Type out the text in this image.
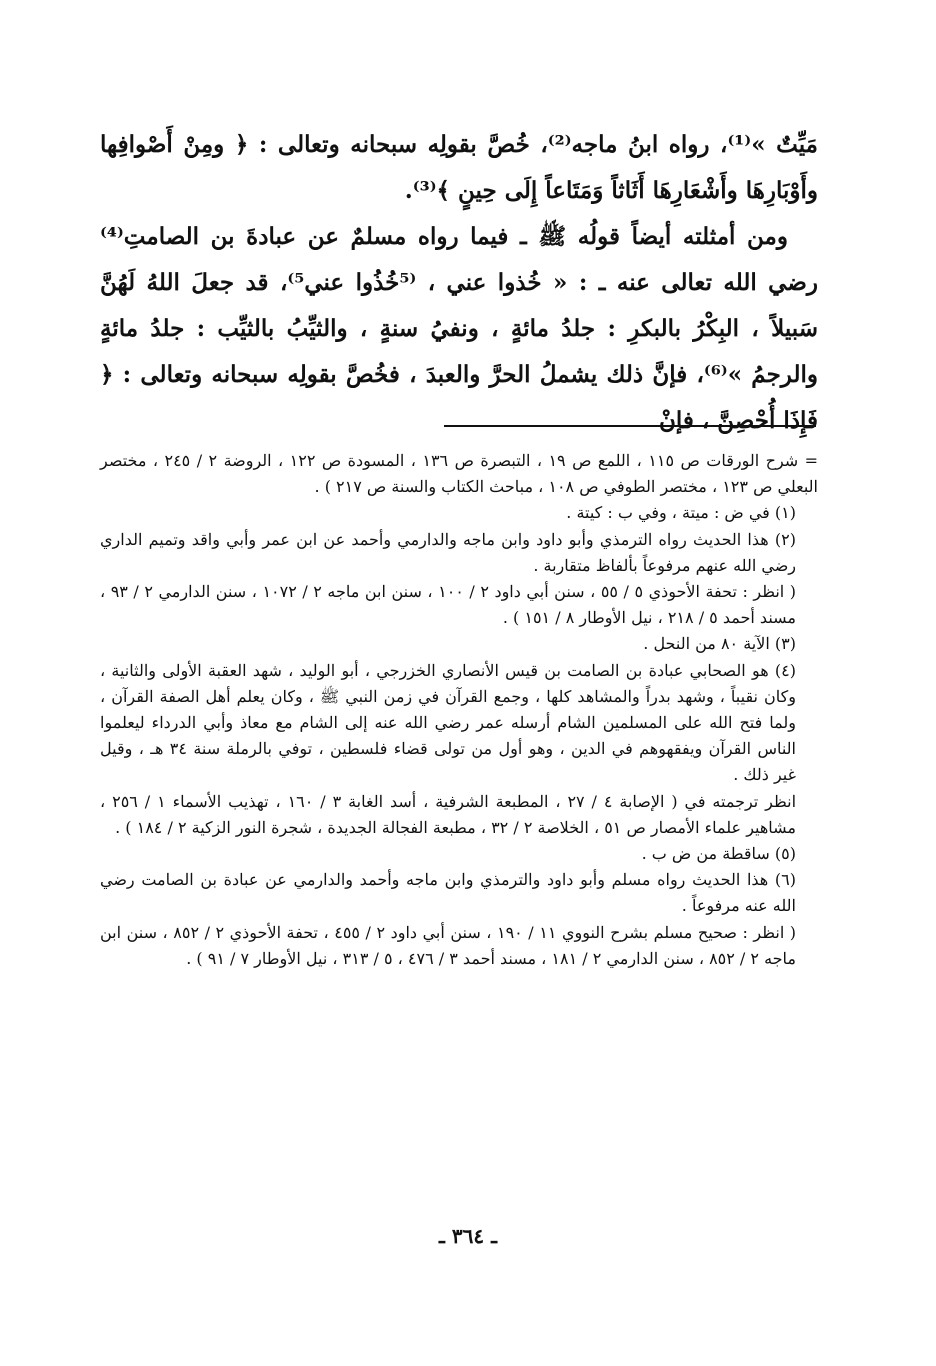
مَيِّتٌ »⁽¹⁾، رواه ابنُ ماجه⁽²⁾، خُصَّ بقولِه سبحانه وتعالى : ﴿ ومِنْ أَصْوافِها وأَوْبَارِهَا وأَشْعَارِهَا أَثَاثاً وَمَتَاعاً إِلَى حِينٍ ﴾⁽³⁾.

ومن أمثلته أيضاً قولُه ﷺ ـ فيما رواه مسلمٌ عن عبادةَ بن الصامتِ⁽⁴⁾ رضي الله تعالى عنه ـ : « خُذوا عني ، ⁽⁵خُذُوا عني⁵⁾، قد جعلَ اللهُ لَهُنَّ سَبيلاً ، البِكْرُ بالبكرِ : جلدُ مائةٍ ، ونفيُ سنةٍ ، والثيِّبُ بالثيِّب : جلدُ مائةٍ والرجمُ »⁽⁶⁾، فإنَّ ذلك يشملُ الحرَّ والعبدَ ، فخُصَّ بقولِه سبحانه وتعالى : ﴿ فَإِذَا أُحْصِنَّ ، فإنْ

= شرح الورقات ص ١١٥ ، اللمع ص ١٩ ، التبصرة ص ١٣٦ ، المسودة ص ١٢٢ ، الروضة ٢ / ٢٤٥ ، مختصر البعلي ص ١٢٣ ، مختصر الطوفي ص ١٠٨ ، مباحث الكتاب والسنة ص ٢١٧ ) .

(١) في ض : ميتة ، وفي ب : كيتة .

(٢) هذا الحديث رواه الترمذي وأبو داود وابن ماجه والدارمي وأحمد عن ابن عمر وأبي واقد وتميم الداري رضي الله عنهم مرفوعاً بألفاظ متقاربة .

( انظر : تحفة الأحوذي ٥ / ٥٥ ، سنن أبي داود ٢ / ١٠٠ ، سنن ابن ماجه ٢ / ١٠٧٢ ، سنن الدارمي ٢ / ٩٣ ، مسند أحمد ٥ / ٢١٨ ، نيل الأوطار ٨ / ١٥١ ) .

(٣) الآية ٨٠ من النحل .

(٤) هو الصحابي عبادة بن الصامت بن قيس الأنصاري الخزرجي ، أبو الوليد ، شهد العقبة الأولى والثانية ، وكان نقيباً ، وشهد بدراً والمشاهد كلها ، وجمع القرآن في زمن النبي ﷺ ، وكان يعلم أهل الصفة القرآن ، ولما فتح الله على المسلمين الشام أرسله عمر رضي الله عنه إلى الشام مع معاذ وأبي الدرداء ليعلموا الناس القرآن ويفقهوهم في الدين ، وهو أول من تولى قضاء فلسطين ، توفي بالرملة سنة ٣٤ هـ ، وقيل غير ذلك .

انظر ترجمته في ( الإصابة ٤ / ٢٧ ، المطبعة الشرفية ، أسد الغابة ٣ / ١٦٠ ، تهذيب الأسماء ١ / ٢٥٦ ، مشاهير علماء الأمصار ص ٥١ ، الخلاصة ٢ / ٣٢ ، مطبعة الفجالة الجديدة ، شجرة النور الزكية ٢ / ١٨٤ ) .

(٥) ساقطة من ض ب .

(٦) هذا الحديث رواه مسلم وأبو داود والترمذي وابن ماجه وأحمد والدارمي عن عبادة بن الصامت رضي الله عنه مرفوعاً .

( انظر : صحيح مسلم بشرح النووي ١١ / ١٩٠ ، سنن أبي داود ٢ / ٤٥٥ ، تحفة الأحوذي ٢ / ٨٥٢ ، سنن ابن ماجه ٢ / ٨٥٢ ، سنن الدارمي ٢ / ١٨١ ، مسند أحمد ٣ / ٤٧٦ ، ٥ / ٣١٣ ، نيل الأوطار ٧ / ٩١ ) .

ـ ٣٦٤ ـ
